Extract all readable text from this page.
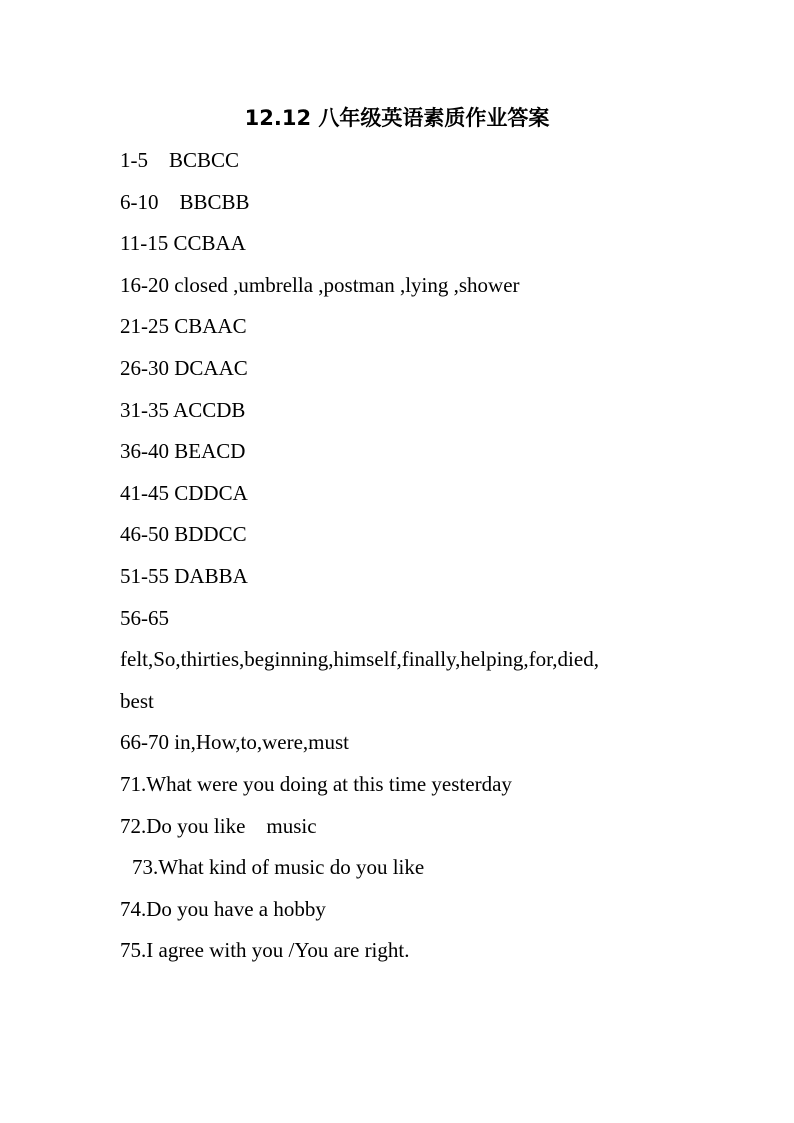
12.12 八年级英语素质作业答案
1-5    BCBCC
6-10    BBCBB
11-15 CCBAA
16-20 closed ,umbrella ,postman ,lying ,shower
21-25 CBAAC
26-30 DCAAC
31-35 ACCDB
36-40 BEACD
41-45 CDDCA
46-50 BDDCC
51-55 DABBA
56-65
felt,So,thirties,beginning,himself,finally,helping,for,died,
best
66-70 in,How,to,were,must
71.What were you doing at this time yesterday
72.Do you like    music
73.What kind of music do you like
74.Do you have a hobby
75.I agree with you /You are right.
